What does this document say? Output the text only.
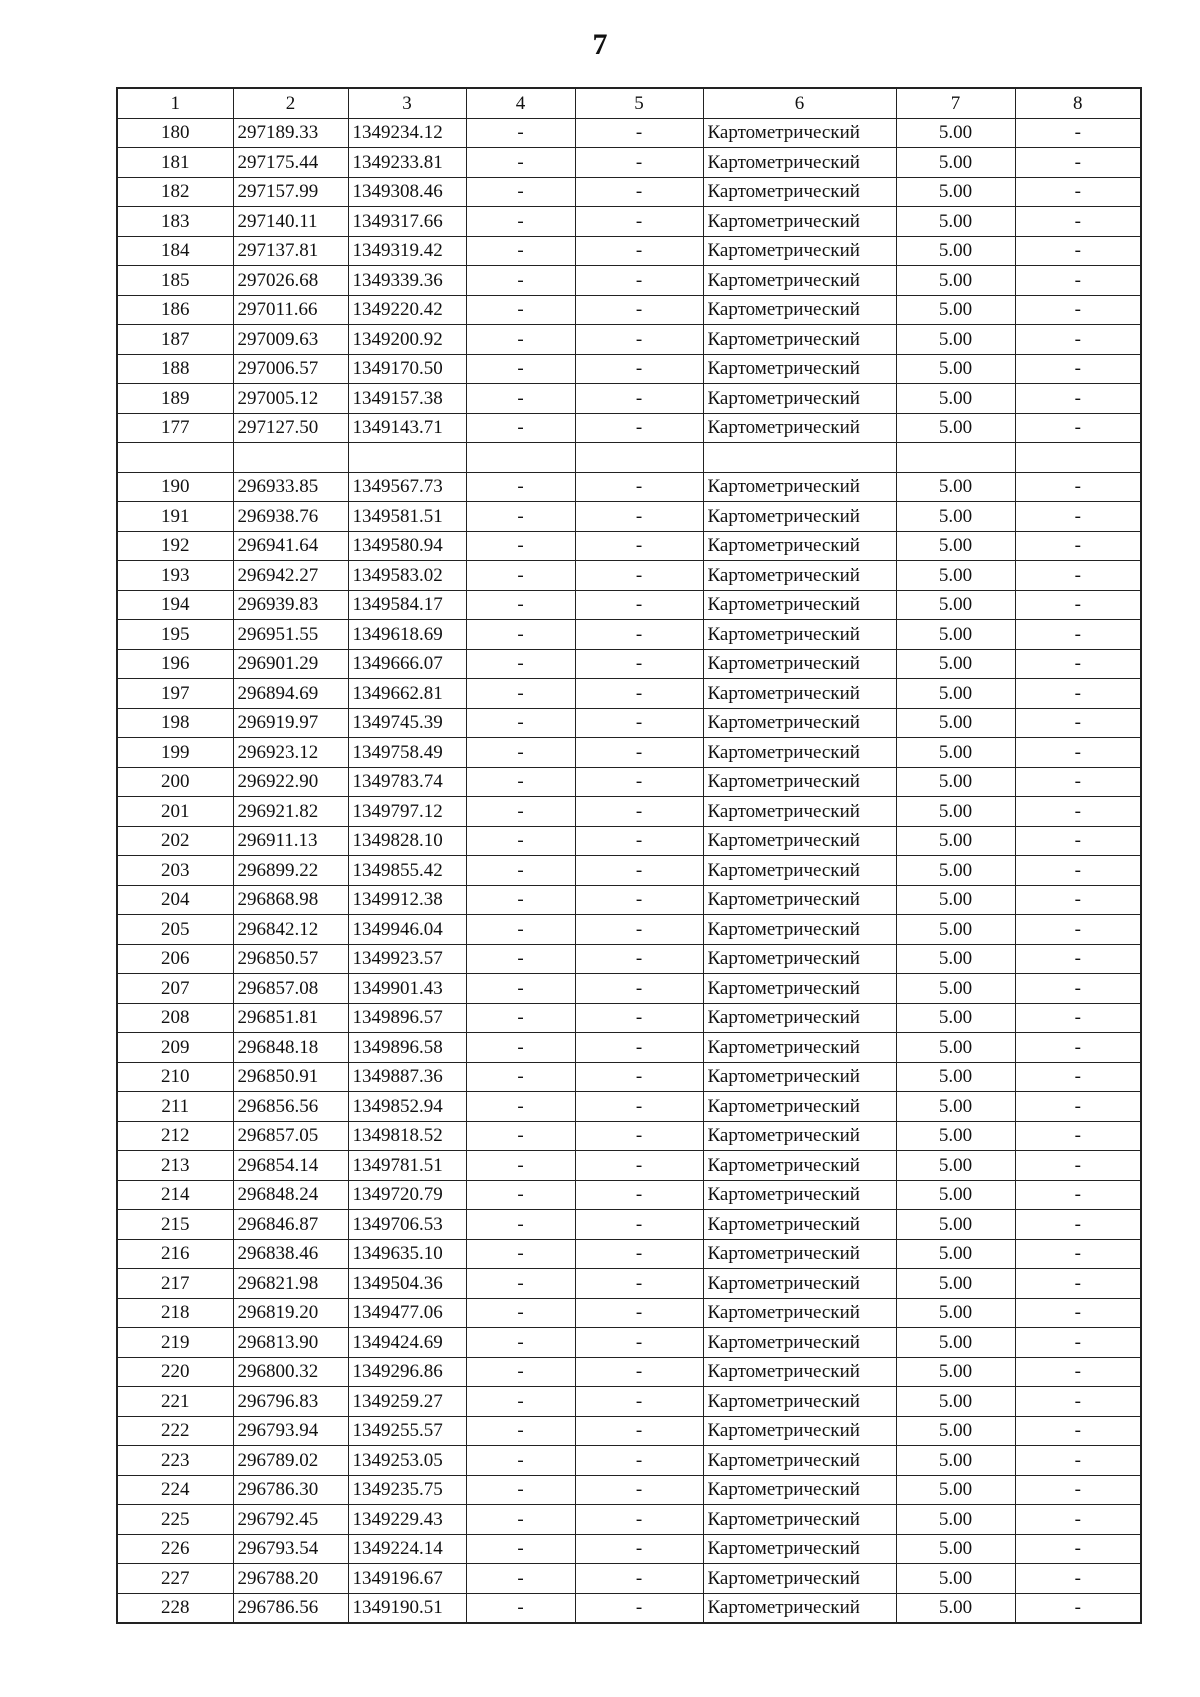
7
1	2	3	4	5	6	7	8
180	297189.33	1349234.12	-	-	Картометрический	5.00	-
181	297175.44	1349233.81	-	-	Картометрический	5.00	-
182	297157.99	1349308.46	-	-	Картометрический	5.00	-
183	297140.11	1349317.66	-	-	Картометрический	5.00	-
184	297137.81	1349319.42	-	-	Картометрический	5.00	-
185	297026.68	1349339.36	-	-	Картометрический	5.00	-
186	297011.66	1349220.42	-	-	Картометрический	5.00	-
187	297009.63	1349200.92	-	-	Картометрический	5.00	-
188	297006.57	1349170.50	-	-	Картометрический	5.00	-
189	297005.12	1349157.38	-	-	Картометрический	5.00	-
177	297127.50	1349143.71	-	-	Картометрический	5.00	-

190	296933.85	1349567.73	-	-	Картометрический	5.00	-
191	296938.76	1349581.51	-	-	Картометрический	5.00	-
192	296941.64	1349580.94	-	-	Картометрический	5.00	-
193	296942.27	1349583.02	-	-	Картометрический	5.00	-
194	296939.83	1349584.17	-	-	Картометрический	5.00	-
195	296951.55	1349618.69	-	-	Картометрический	5.00	-
196	296901.29	1349666.07	-	-	Картометрический	5.00	-
197	296894.69	1349662.81	-	-	Картометрический	5.00	-
198	296919.97	1349745.39	-	-	Картометрический	5.00	-
199	296923.12	1349758.49	-	-	Картометрический	5.00	-
200	296922.90	1349783.74	-	-	Картометрический	5.00	-
201	296921.82	1349797.12	-	-	Картометрический	5.00	-
202	296911.13	1349828.10	-	-	Картометрический	5.00	-
203	296899.22	1349855.42	-	-	Картометрический	5.00	-
204	296868.98	1349912.38	-	-	Картометрический	5.00	-
205	296842.12	1349946.04	-	-	Картометрический	5.00	-
206	296850.57	1349923.57	-	-	Картометрический	5.00	-
207	296857.08	1349901.43	-	-	Картометрический	5.00	-
208	296851.81	1349896.57	-	-	Картометрический	5.00	-
209	296848.18	1349896.58	-	-	Картометрический	5.00	-
210	296850.91	1349887.36	-	-	Картометрический	5.00	-
211	296856.56	1349852.94	-	-	Картометрический	5.00	-
212	296857.05	1349818.52	-	-	Картометрический	5.00	-
213	296854.14	1349781.51	-	-	Картометрический	5.00	-
214	296848.24	1349720.79	-	-	Картометрический	5.00	-
215	296846.87	1349706.53	-	-	Картометрический	5.00	-
216	296838.46	1349635.10	-	-	Картометрический	5.00	-
217	296821.98	1349504.36	-	-	Картометрический	5.00	-
218	296819.20	1349477.06	-	-	Картометрический	5.00	-
219	296813.90	1349424.69	-	-	Картометрический	5.00	-
220	296800.32	1349296.86	-	-	Картометрический	5.00	-
221	296796.83	1349259.27	-	-	Картометрический	5.00	-
222	296793.94	1349255.57	-	-	Картометрический	5.00	-
223	296789.02	1349253.05	-	-	Картометрический	5.00	-
224	296786.30	1349235.75	-	-	Картометрический	5.00	-
225	296792.45	1349229.43	-	-	Картометрический	5.00	-
226	296793.54	1349224.14	-	-	Картометрический	5.00	-
227	296788.20	1349196.67	-	-	Картометрический	5.00	-
228	296786.56	1349190.51	-	-	Картометрический	5.00	-
